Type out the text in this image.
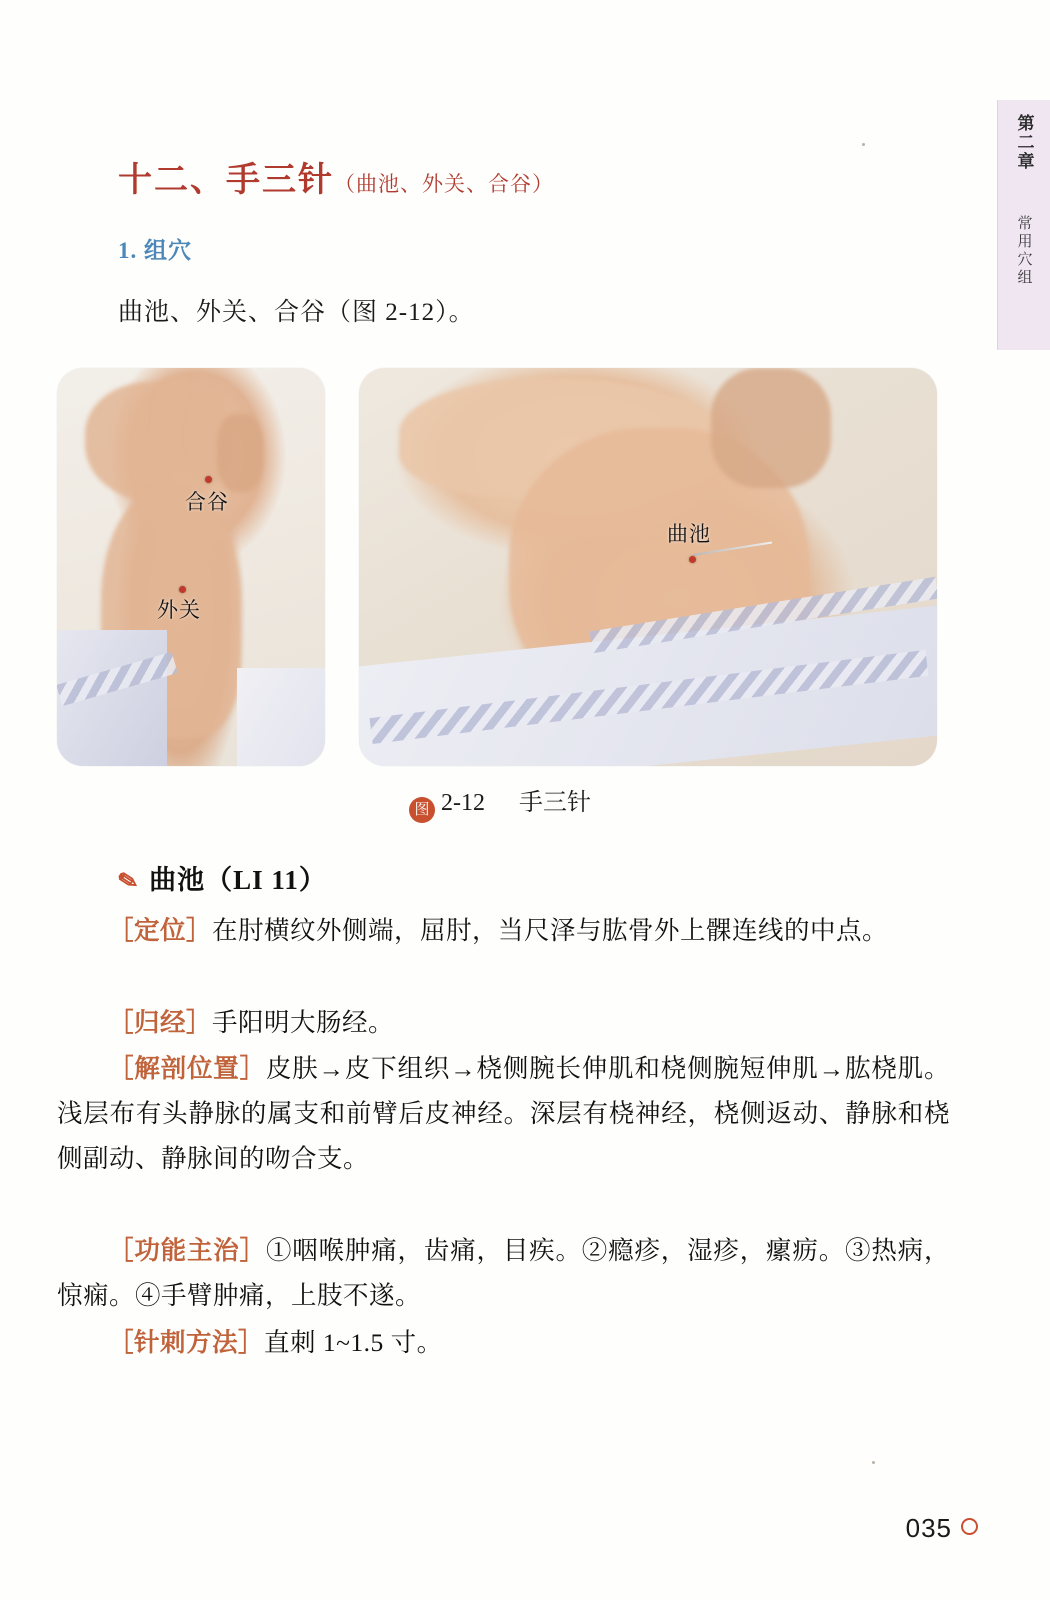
第二章
常用穴组
十二、手三针（曲池、外关、合谷）
1. 组穴
曲池、外关、合谷（图 2-12）。
合谷
外关
曲池
图 2-12 手三针
✎ 曲池（LI 11）

［定位］在肘横纹外侧端，屈肘，当尺泽与肱骨外上髁连线的中点。

［归经］手阳明大肠经。

［解剖位置］皮肤→皮下组织→桡侧腕长伸肌和桡侧腕短伸肌→肱桡肌。浅层布有头静脉的属支和前臂后皮神经。深层有桡神经，桡侧返动、静脉和桡侧副动、静脉间的吻合支。

［功能主治］①咽喉肿痛，齿痛，目疾。②瘾疹，湿疹，瘰疬。③热病，惊痫。④手臂肿痛，上肢不遂。

［针刺方法］直刺 1~1.5 寸。

035
